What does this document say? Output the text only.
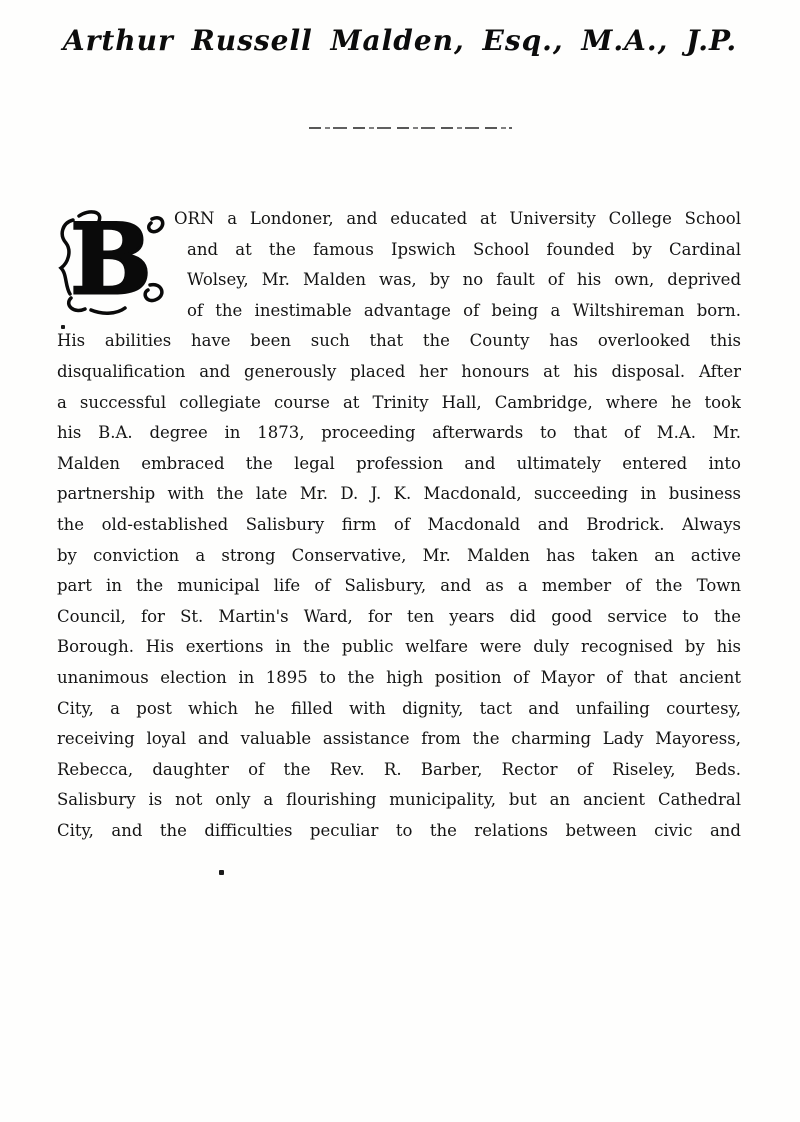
Arthur Russell Malden, Esq., M.A., J.P.
B ORN a Londoner, and educated at University College School
and at the famous Ipswich School founded by Cardinal
Wolsey, Mr. Malden was, by no fault of his own, deprived
of the inestimable advantage of being a Wiltshireman born.
His abilities have been such that the County has overlooked this
disqualification and generously placed her honours at his disposal. After
a successful collegiate course at Trinity Hall, Cambridge, where he took
his B.A. degree in 1873, proceeding afterwards to that of M.A. Mr.
Malden embraced the legal profession and ultimately entered into
partnership with the late Mr. D. J. K. Macdonald, succeeding in business
the old-established Salisbury firm of Macdonald and Brodrick. Always
by conviction a strong Conservative, Mr. Malden has taken an active
part in the municipal life of Salisbury, and as a member of the Town
Council, for St. Martin's Ward, for ten years did good service to the
Borough. His exertions in the public welfare were duly recognised by his
unanimous election in 1895 to the high position of Mayor of that ancient
City, a post which he filled with dignity, tact and unfailing courtesy,
receiving loyal and valuable assistance from the charming Lady Mayoress,
Rebecca, daughter of the Rev. R. Barber, Rector of Riseley, Beds.
Salisbury is not only a flourishing municipality, but an ancient Cathedral
City, and the difficulties peculiar to the relations between civic and
